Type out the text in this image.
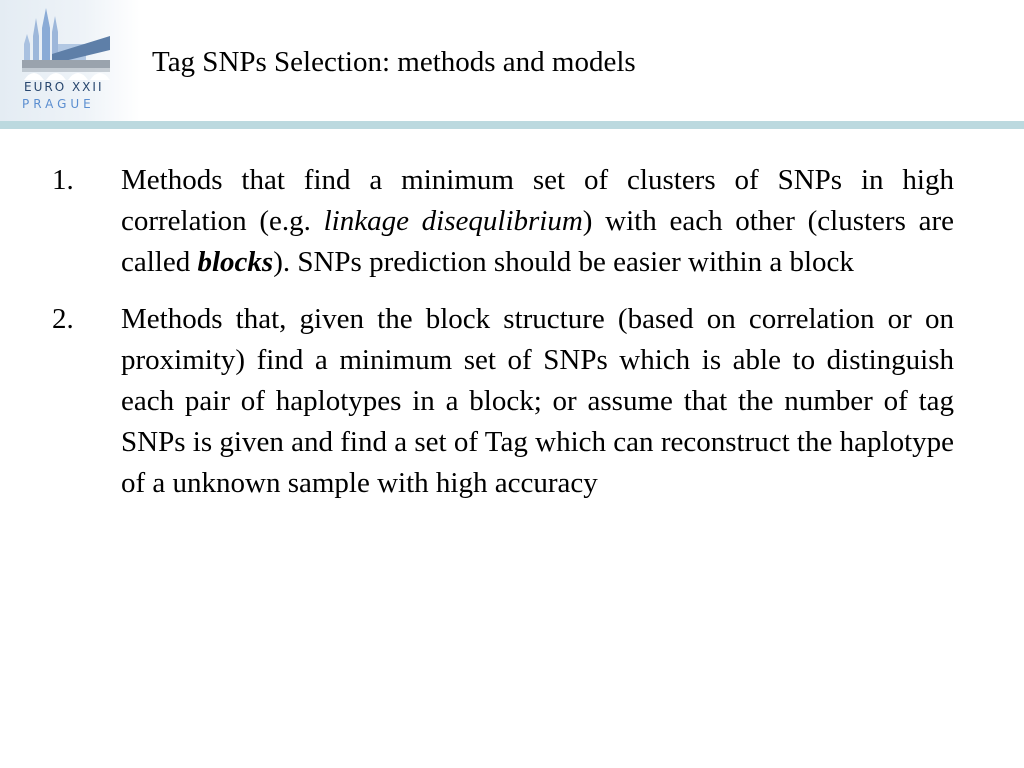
EURO XXII
PRAGUE
Tag SNPs Selection: methods and models
1.	Methods that find a minimum set of clusters of SNPs in high correlation (e.g. linkage disequlibrium) with each other (clusters are called blocks). SNPs prediction should be easier within a block
2.	Methods that, given the block structure (based on correlation or on proximity) find a minimum set of SNPs which is able to distinguish each pair of haplotypes in a block; or assume that the number of tag SNPs is given and find a set of Tag which can reconstruct the haplotype of a unknown sample with high accuracy
